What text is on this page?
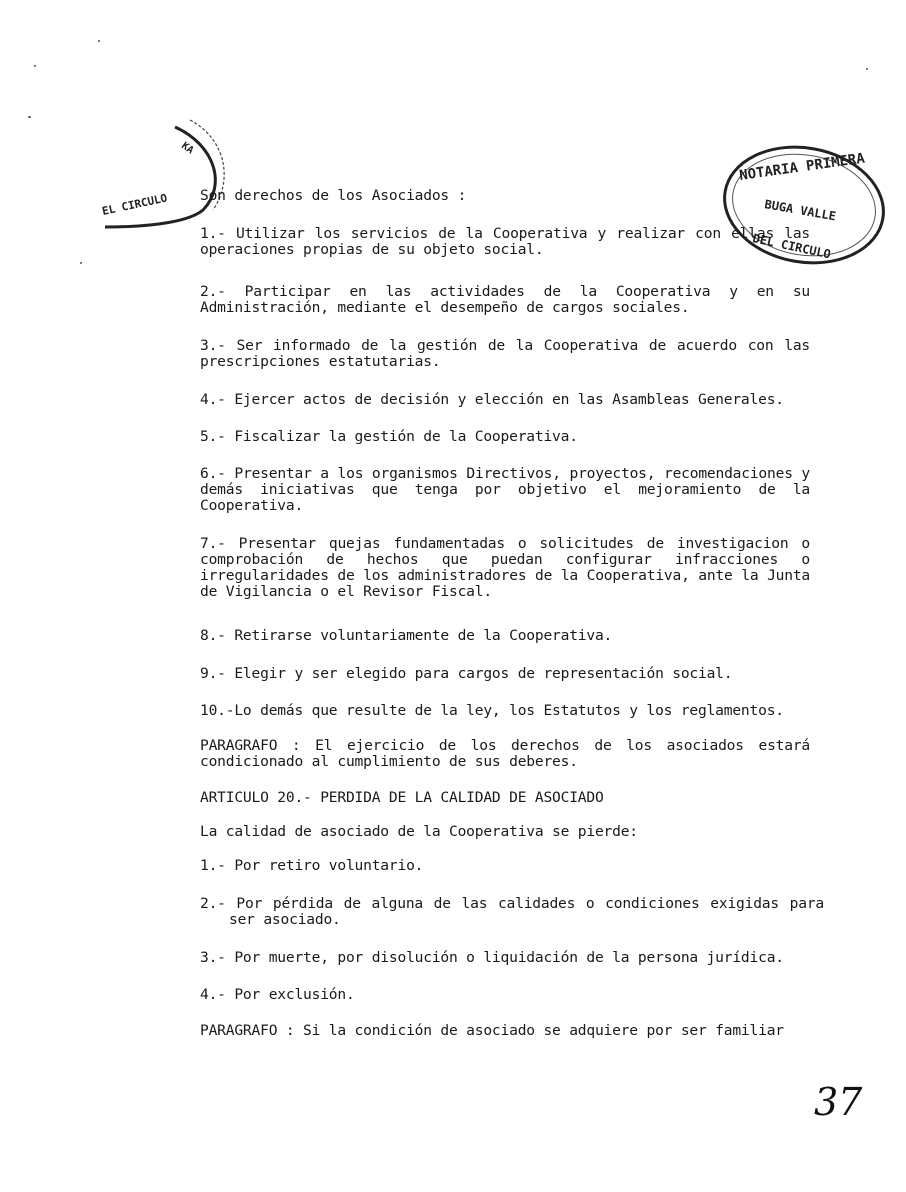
EL CIRCULO
KA
NOTARIA PRIMERA
BUGA VALLE
DEL CIRCULO

Son derechos de los Asociados :

1.- Utilizar los servicios de la Cooperativa y realizar con ellas las operaciones propias de su objeto social.

2.- Participar en las actividades de la Cooperativa y en su Administración, mediante el desempeño de cargos sociales.

3.- Ser informado de la gestión de la Cooperativa de acuerdo con las prescripciones estatutarias.

4.- Ejercer actos de decisión y elección en las Asambleas Generales.

5.- Fiscalizar la gestión de la Cooperativa.

6.- Presentar a los organismos Directivos, proyectos, recomendaciones y demás iniciativas que tenga por objetivo el mejoramiento de la Cooperativa.

7.- Presentar quejas fundamentadas o solicitudes de investigacion o comprobación de hechos que puedan configurar infracciones o irregularidades de los administradores de la Cooperativa, ante la Junta de Vigilancia o el Revisor Fiscal.

8.- Retirarse voluntariamente de la Cooperativa.

9.- Elegir y ser elegido para cargos de representación social.

10.-Lo demás que resulte de la ley, los Estatutos y los reglamentos.

PARAGRAFO : El ejercicio de los derechos de los asociados estará condicionado al cumplimiento de sus deberes.

ARTICULO 20.- PERDIDA DE LA CALIDAD DE ASOCIADO

La calidad de asociado de la Cooperativa se pierde:

1.- Por retiro voluntario.

2.- Por pérdida de alguna de las calidades o condiciones exigidas para ser asociado.

3.- Por muerte, por disolución o liquidación de la persona jurídica.

4.- Por exclusión.

PARAGRAFO : Si la condición de asociado se adquiere por ser familiar

37
